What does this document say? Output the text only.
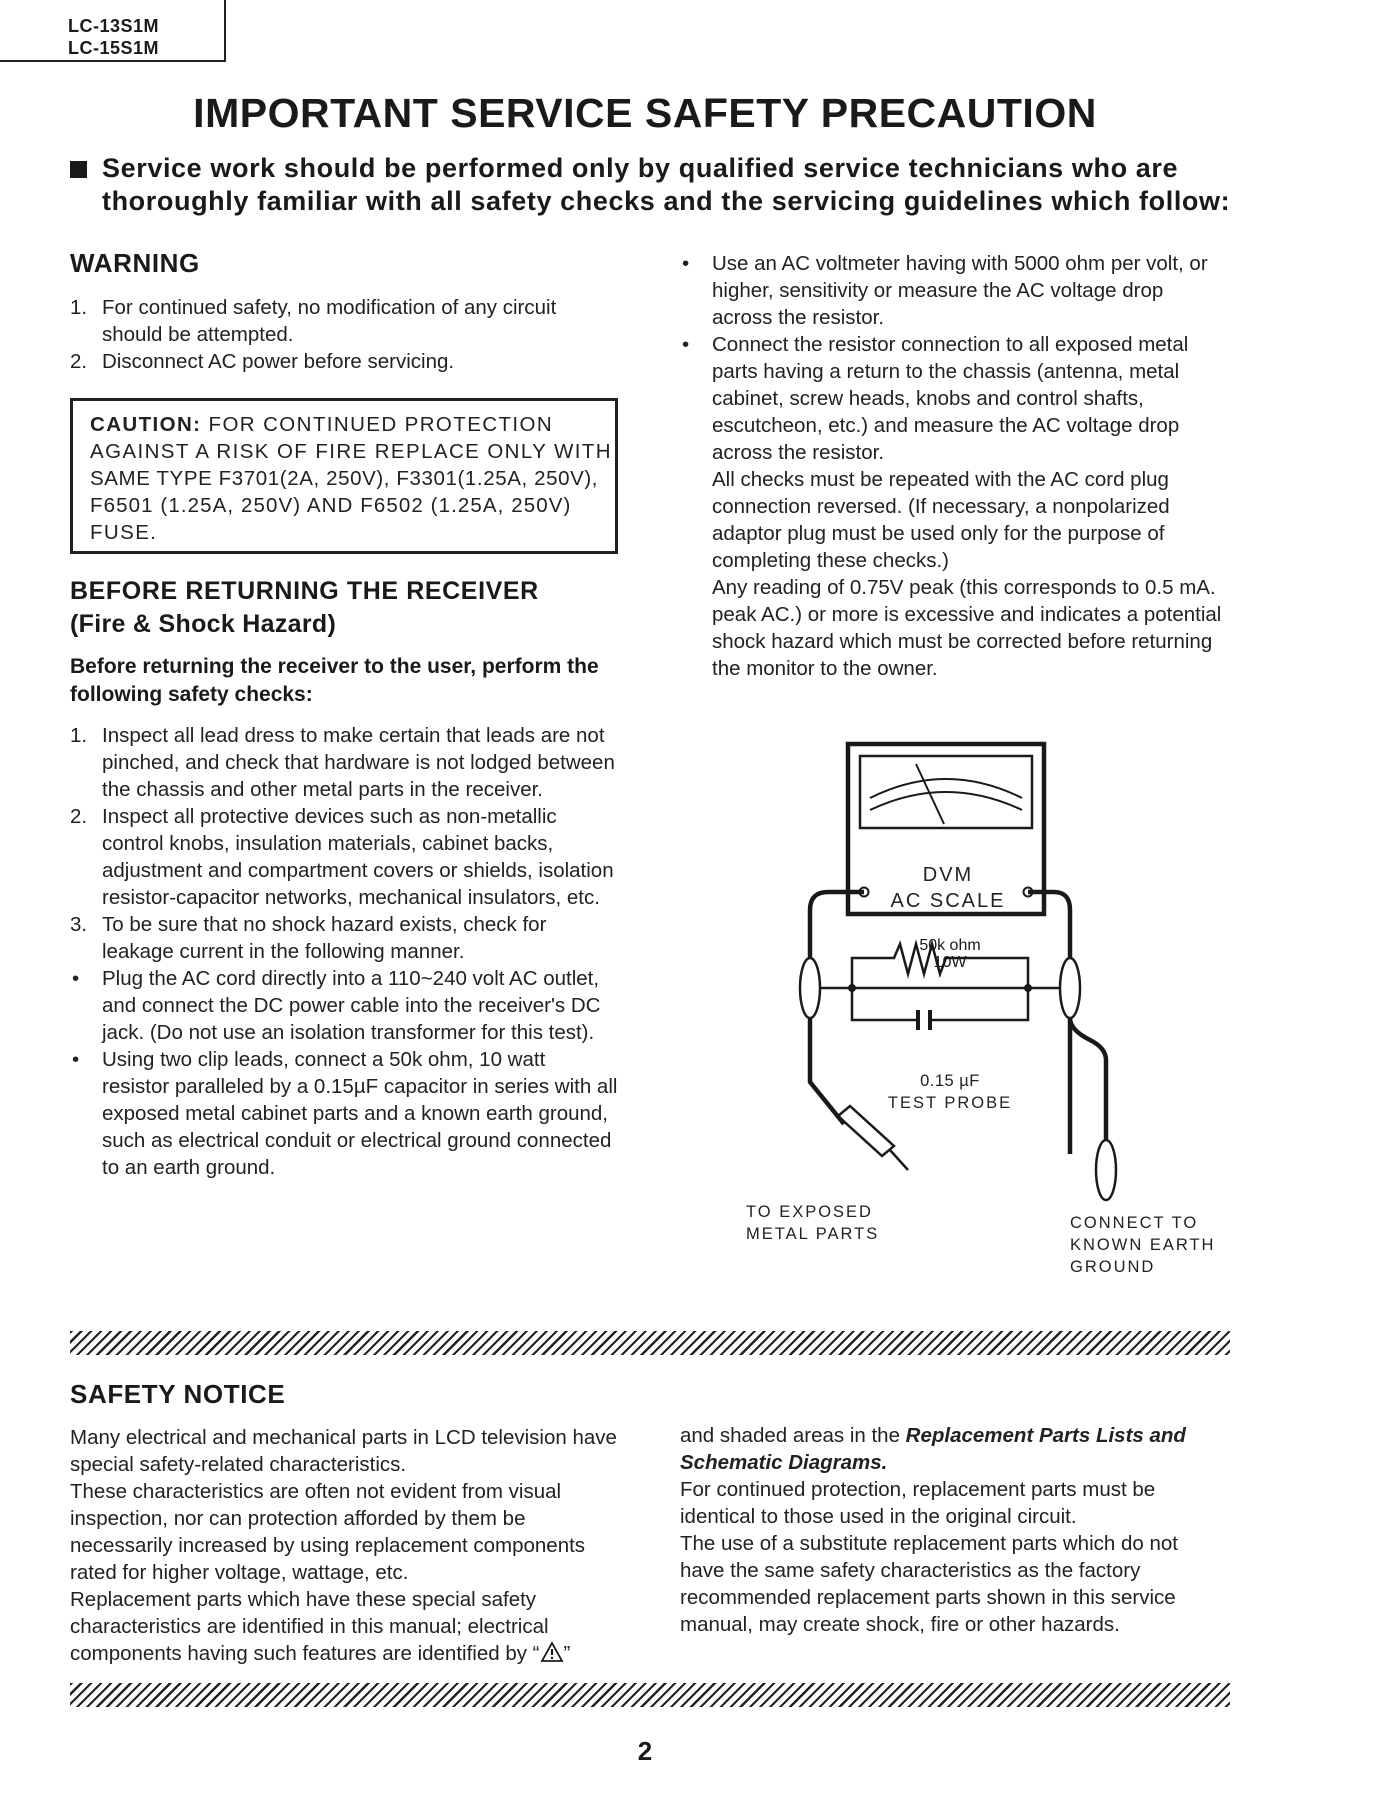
LC-13S1M
LC-15S1M
IMPORTANT SERVICE SAFETY PRECAUTION
Service work should be performed only by qualified service technicians who are
thoroughly familiar with all safety checks and the servicing guidelines which follow:
WARNING
1. For continued safety, no modification of any circuit should be attempted.
2. Disconnect AC power before servicing.
CAUTION: FOR CONTINUED PROTECTION
AGAINST A RISK OF FIRE REPLACE ONLY WITH
SAME TYPE F3701(2A, 250V), F3301(1.25A, 250V),
F6501 (1.25A, 250V) AND F6502 (1.25A, 250V)
FUSE.
BEFORE RETURNING THE RECEIVER
(Fire & Shock Hazard)
Before returning the receiver to the user, perform the following safety checks:
1. Inspect all lead dress to make certain that leads are not pinched, and check that hardware is not lodged between the chassis and other metal parts in the receiver.
2. Inspect all protective devices such as non-metallic control knobs, insulation materials, cabinet backs, adjustment and compartment covers or shields, isolation resistor-capacitor networks, mechanical insulators, etc.
3. To be sure that no shock hazard exists, check for leakage current in the following manner.
• Plug the AC cord directly into a 110~240 volt AC outlet, and connect the DC power cable into the receiver's DC jack. (Do not use an isolation transformer for this test).
• Using two clip leads, connect a 50k ohm, 10 watt resistor paralleled by a 0.15µF capacitor in series with all exposed metal cabinet parts and a known earth ground, such as electrical conduit or electrical ground connected to an earth ground.
• Use an AC voltmeter having with 5000 ohm per volt, or higher, sensitivity or measure the AC voltage drop across the resistor.
• Connect the resistor connection to all exposed metal parts having a return to the chassis (antenna, metal cabinet, screw heads, knobs and control shafts, escutcheon, etc.) and measure the AC voltage drop across the resistor.
All checks must be repeated with the AC cord plug connection reversed. (If necessary, a nonpolarized adaptor plug must be used only for the purpose of completing these checks.)
Any reading of 0.75V peak (this corresponds to 0.5 mA. peak AC.) or more is excessive and indicates a potential shock hazard which must be corrected before returning the monitor to the owner.
DVM
AC SCALE
50k ohm
10W
0.15 µF
TEST PROBE
TO EXPOSED
METAL PARTS
CONNECT TO
KNOWN EARTH
GROUND
SAFETY NOTICE
Many electrical and mechanical parts in LCD television have special safety-related characteristics.
These characteristics are often not evident from visual inspection, nor can protection afforded by them be necessarily increased by using replacement components rated for higher voltage, wattage, etc.
Replacement parts which have these special safety characteristics are identified in this manual; electrical components having such features are identified by “ ”
and shaded areas in the Replacement Parts Lists and Schematic Diagrams.
For continued protection, replacement parts must be identical to those used in the original circuit.
The use of a substitute replacement parts which do not have the same safety characteristics as the factory recommended replacement parts shown in this service manual, may create shock, fire or other hazards.
2
